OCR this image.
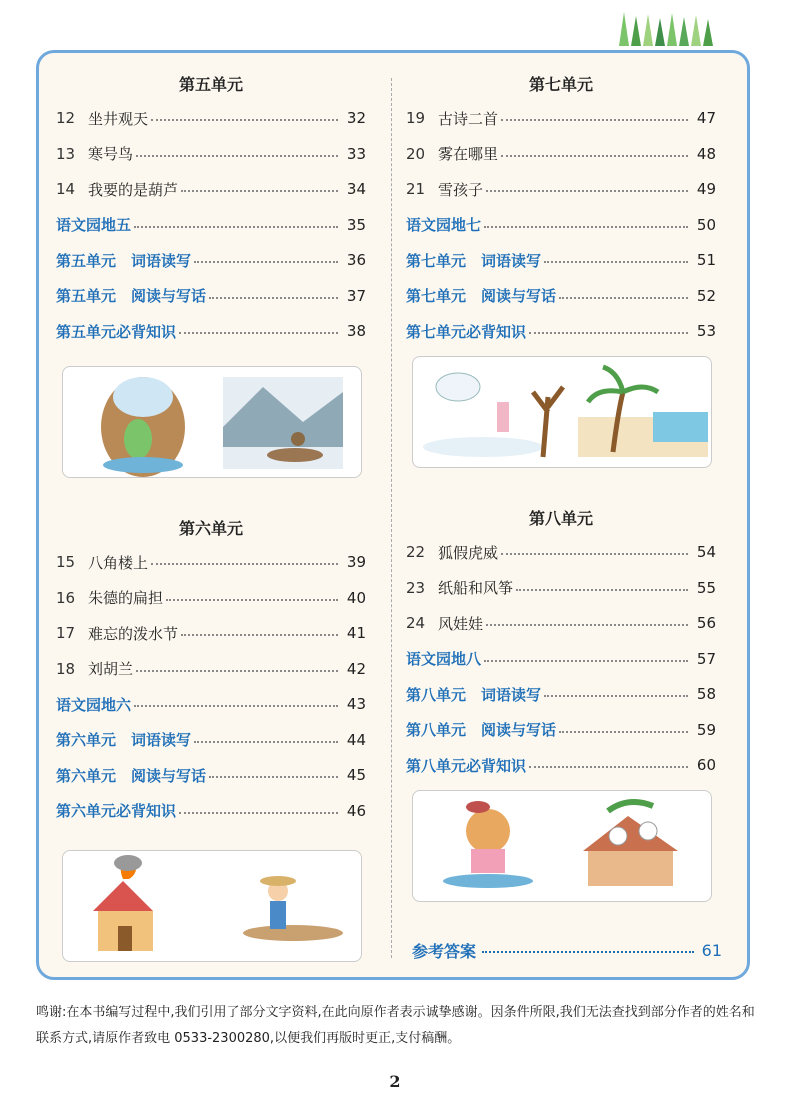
第五单元
12 坐井观天	32
13 寒号鸟	33
14 我要的是葫芦	34
语文园地五	35
第五单元　词语读写	36
第五单元　阅读与写话	37
第五单元必背知识	38
第六单元
15 八角楼上	39
16 朱德的扁担	40
17 难忘的泼水节	41
18 刘胡兰	42
语文园地六	43
第六单元　词语读写	44
第六单元　阅读与写话	45
第六单元必背知识	46
第七单元
19 古诗二首	47
20 雾在哪里	48
21 雪孩子	49
语文园地七	50
第七单元　词语读写	51
第七单元　阅读与写话	52
第七单元必背知识	53
第八单元
22 狐假虎威	54
23 纸船和风筝	55
24 风娃娃	56
语文园地八	57
第八单元　词语读写	58
第八单元　阅读与写话	59
第八单元必背知识	60
参考答案	61
鸣谢:在本书编写过程中,我们引用了部分文字资料,在此向原作者表示诚挚感谢。因条件所限,我们无法查找到部分作者的姓名和联系方式,请原作者致电 0533-2300280,以便我们再版时更正,支付稿酬。
2
